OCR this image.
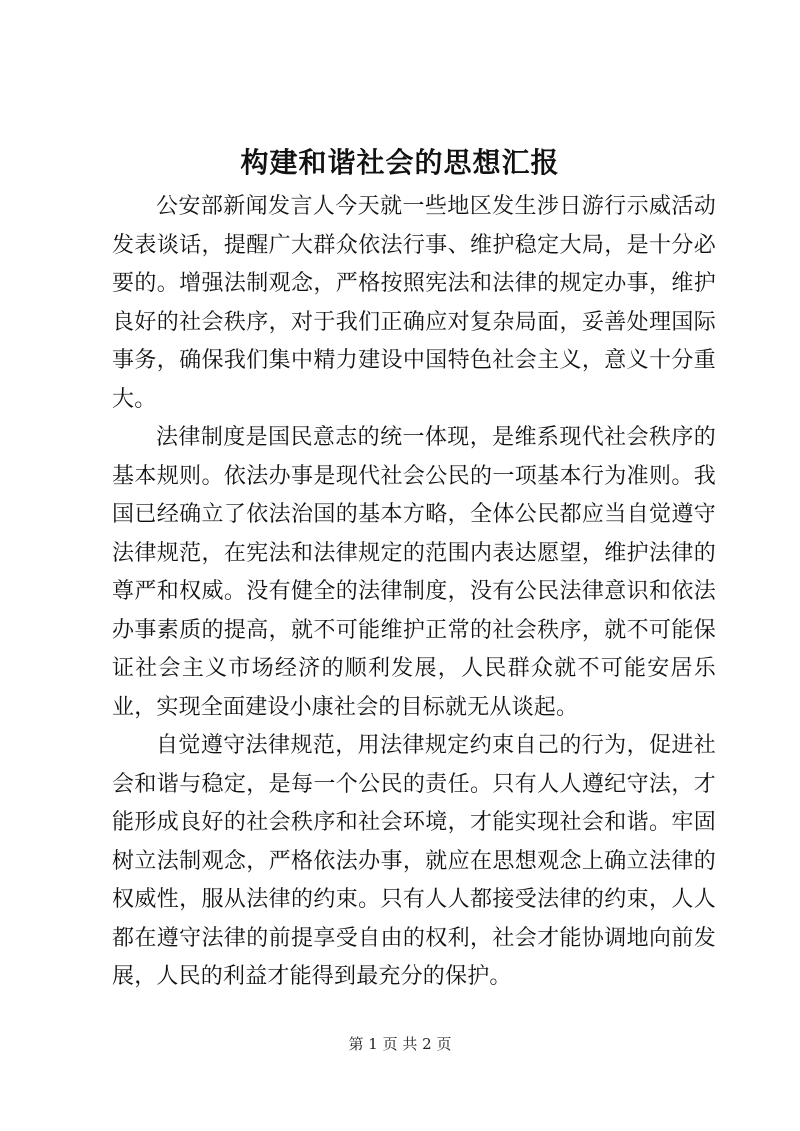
构建和谐社会的思想汇报

公安部新闻发言人今天就一些地区发生涉日游行示威活动发表谈话，提醒广大群众依法行事、维护稳定大局，是十分必要的。增强法制观念，严格按照宪法和法律的规定办事，维护良好的社会秩序，对于我们正确应对复杂局面，妥善处理国际事务，确保我们集中精力建设中国特色社会主义，意义十分重大。

法律制度是国民意志的统一体现，是维系现代社会秩序的基本规则。依法办事是现代社会公民的一项基本行为准则。我国已经确立了依法治国的基本方略，全体公民都应当自觉遵守法律规范，在宪法和法律规定的范围内表达愿望，维护法律的尊严和权威。没有健全的法律制度，没有公民法律意识和依法办事素质的提高，就不可能维护正常的社会秩序，就不可能保证社会主义市场经济的顺利发展，人民群众就不可能安居乐业，实现全面建设小康社会的目标就无从谈起。

自觉遵守法律规范，用法律规定约束自己的行为，促进社会和谐与稳定，是每一个公民的责任。只有人人遵纪守法，才能形成良好的社会秩序和社会环境，才能实现社会和谐。牢固树立法制观念，严格依法办事，就应在思想观念上确立法律的权威性，服从法律的约束。只有人人都接受法律的约束，人人都在遵守法律的前提享受自由的权利，社会才能协调地向前发展，人民的利益才能得到最充分的保护。

第 1 页 共 2 页
